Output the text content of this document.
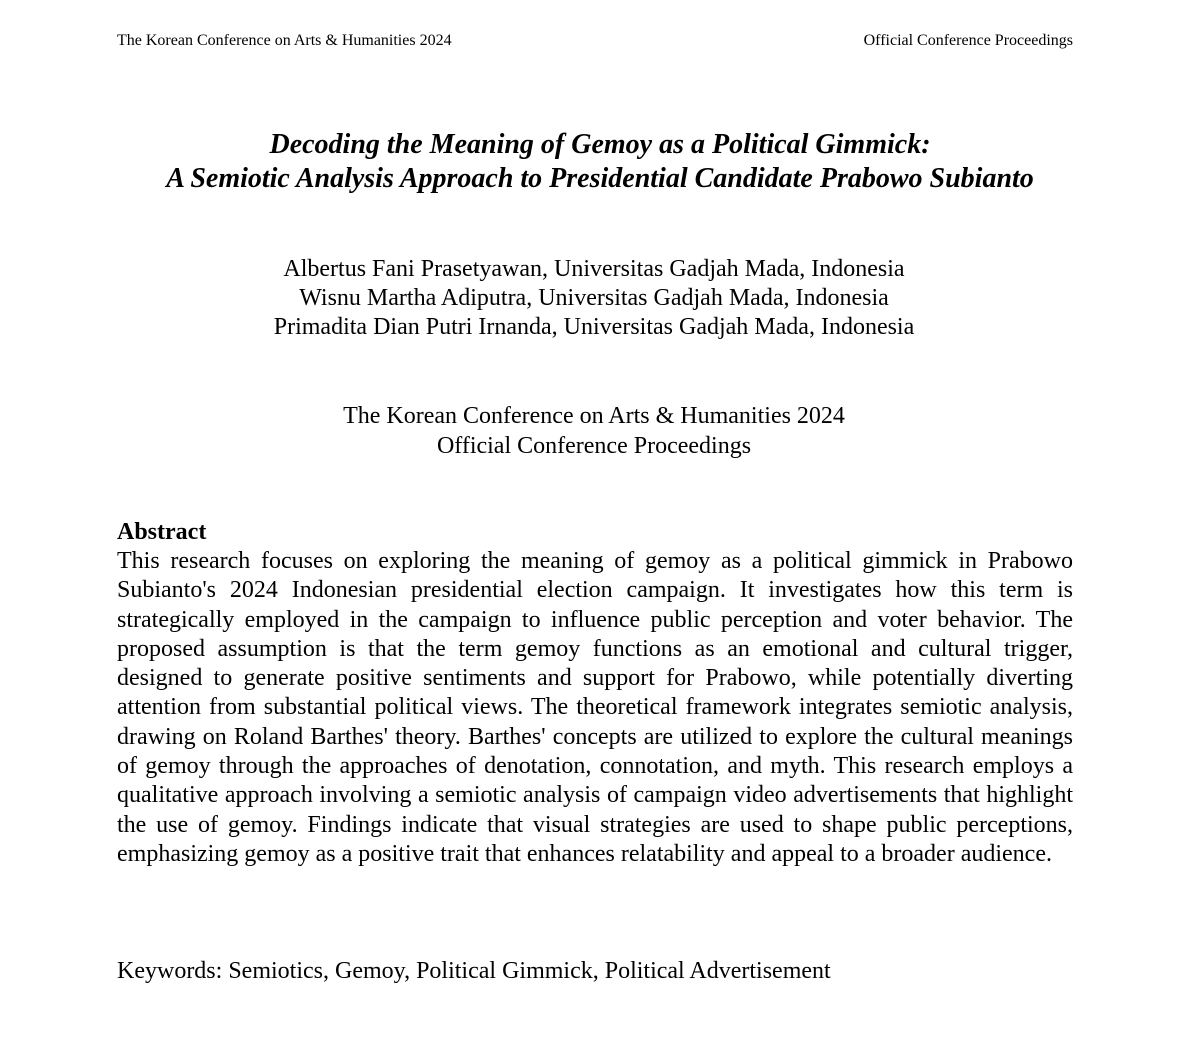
The Korean Conference on Arts & Humanities 2024	Official Conference Proceedings
Decoding the Meaning of Gemoy as a Political Gimmick:
A Semiotic Analysis Approach to Presidential Candidate Prabowo Subianto
Albertus Fani Prasetyawan, Universitas Gadjah Mada, Indonesia
Wisnu Martha Adiputra, Universitas Gadjah Mada, Indonesia
Primadita Dian Putri Irnanda, Universitas Gadjah Mada, Indonesia
The Korean Conference on Arts & Humanities 2024
Official Conference Proceedings

Abstract

This research focuses on exploring the meaning of gemoy as a political gimmick in Prabowo Subianto's 2024 Indonesian presidential election campaign. It investigates how this term is strategically employed in the campaign to influence public perception and voter behavior. The proposed assumption is that the term gemoy functions as an emotional and cultural trigger, designed to generate positive sentiments and support for Prabowo, while potentially diverting attention from substantial political views. The theoretical framework integrates semiotic analysis, drawing on Roland Barthes' theory. Barthes' concepts are utilized to explore the cultural meanings of gemoy through the approaches of denotation, connotation, and myth. This research employs a qualitative approach involving a semiotic analysis of campaign video advertisements that highlight the use of gemoy. Findings indicate that visual strategies are used to shape public perceptions, emphasizing gemoy as a positive trait that enhances relatability and appeal to a broader audience.

Keywords: Semiotics, Gemoy, Political Gimmick, Political Advertisement
